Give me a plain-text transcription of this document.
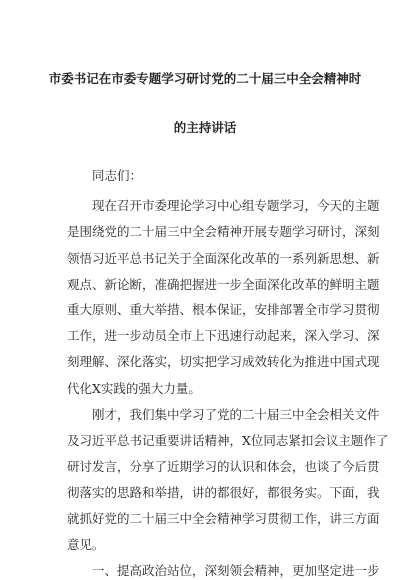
市委书记在市委专题学习研讨党的二十届三中全会精神时
的主持讲话
同志们：
现在召开市委理论学习中心组专题学习，今天的主题
是围绕党的二十届三中全会精神开展专题学习研讨，深刻
领悟习近平总书记关于全面深化改革的一系列新思想、新
观点、新论断，准确把握进一步全面深化改革的鲜明主题
重大原则、重大举措、根本保证，安排部署全市学习贯彻
工作，进一步动员全市上下迅速行动起来，深入学习、深
刻理解、深化落实，切实把学习成效转化为推进中国式现
代化X实践的强大力量。
刚才，我们集中学习了党的二十届三中全会相关文件
及习近平总书记重要讲话精神，X位同志紧扣会议主题作了
研讨发言，分享了近期学习的认识和体会，也谈了今后贯
彻落实的思路和举措，讲的都很好，都很务实。下面，我
就抓好党的二十届三中全会精神学习贯彻工作，讲三方面
意见。
一、提高政治站位，深刻领会精神，更加坚定进一步
